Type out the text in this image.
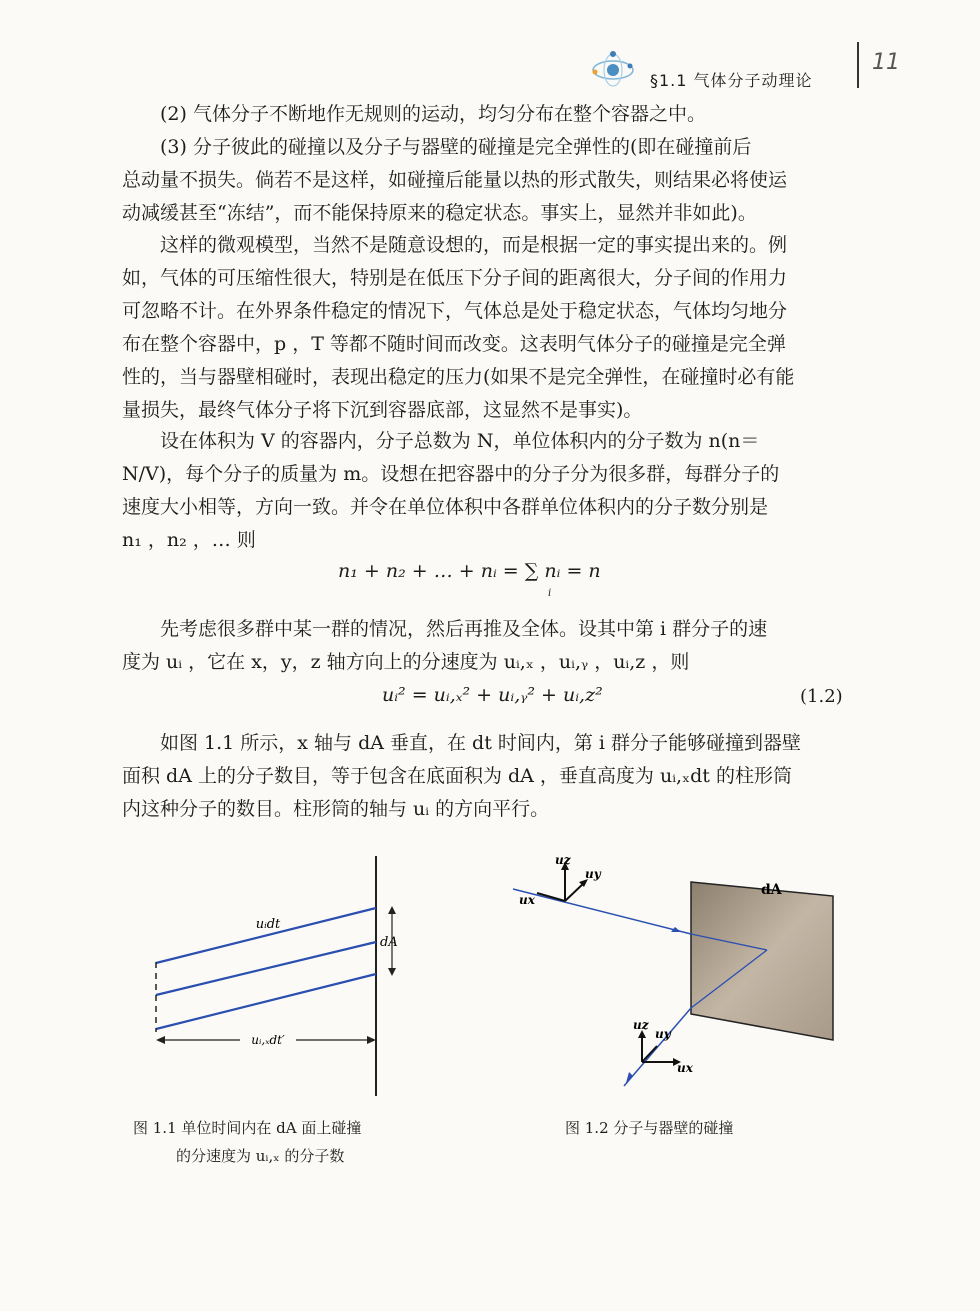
§1.1 气体分子动理论
11
(2) 气体分子不断地作无规则的运动，均匀分布在整个容器之中。
(3) 分子彼此的碰撞以及分子与器壁的碰撞是完全弹性的(即在碰撞前后
总动量不损失。倘若不是这样，如碰撞后能量以热的形式散失，则结果必将使运
动减缓甚至“冻结”，而不能保持原来的稳定状态。事实上，显然并非如此)。
这样的微观模型，当然不是随意设想的，而是根据一定的事实提出来的。例
如，气体的可压缩性很大，特别是在低压下分子间的距离很大，分子间的作用力
可忽略不计。在外界条件稳定的情况下，气体总是处于稳定状态，气体均匀地分
布在整个容器中，p ，T 等都不随时间而改变。这表明气体分子的碰撞是完全弹
性的，当与器壁相碰时，表现出稳定的压力(如果不是完全弹性，在碰撞时必有能
量损失，最终气体分子将下沉到容器底部，这显然不是事实)。
设在体积为 V 的容器内，分子总数为 N，单位体积内的分子数为 n(n＝
N/V)，每个分子的质量为 m。设想在把容器中的分子分为很多群，每群分子的
速度大小相等，方向一致。并令在单位体积中各群单位体积内的分子数分别是
n₁ ，n₂ ，… 则
n₁ + n₂ + … + nᵢ = ∑ nᵢ = n
i
先考虑很多群中某一群的情况，然后再推及全体。设其中第 i 群分子的速
度为 uᵢ ，它在 x，y，z 轴方向上的分速度为 uᵢ,ₓ ，uᵢ,ᵧ ，uᵢ,z ，则
uᵢ² = uᵢ,ₓ² + uᵢ,ᵧ² + uᵢ,z²	(1.2)
如图 1.1 所示，x 轴与 dA 垂直，在 dt 时间内，第 i 群分子能够碰撞到器壁
面积 dA 上的分子数目，等于包含在底面积为 dA ，垂直高度为 uᵢ,ₓdt 的柱形筒
内这种分子的数目。柱形筒的轴与 uᵢ 的方向平行。
uᵢdt
dA
uᵢ,ₓdt′
图 1.1 单位时间内在 dA 面上碰撞
的分速度为 uᵢ,ₓ 的分子数
uz
uy
ux
dA
uz
uy
ux
图 1.2 分子与器壁的碰撞
